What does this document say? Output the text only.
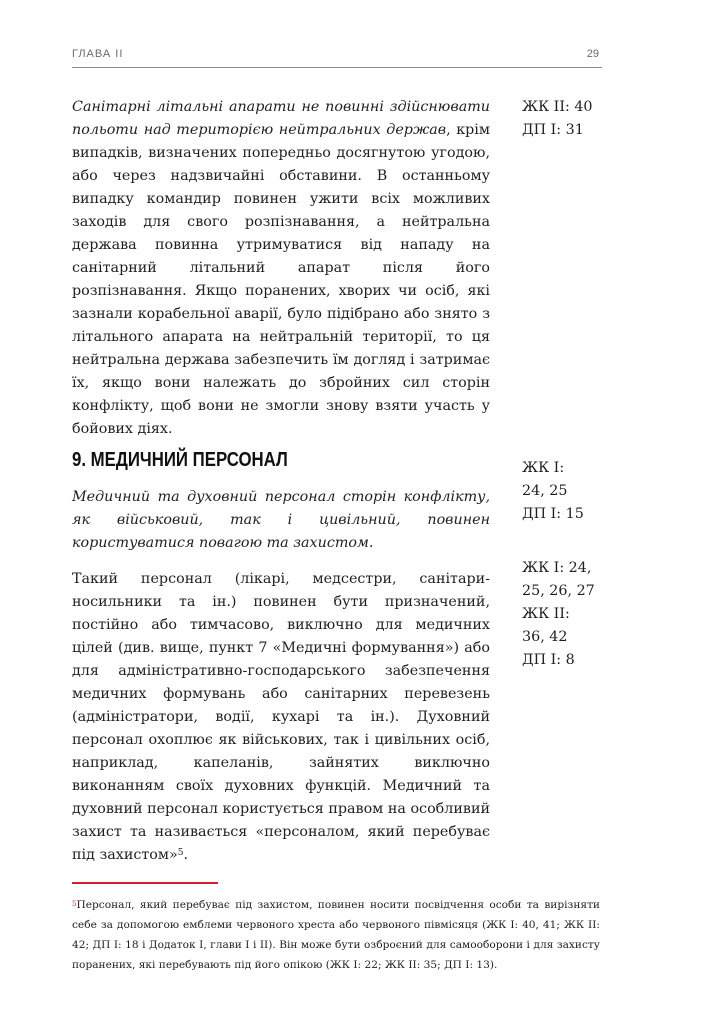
ГЛАВА II	29

Санітарні літальні апарати не повинні здійснювати польоти над територією нейтральних держав, крім випадків, визначених попередньо досягнутою угодою, або через надзвичайні обставини. В останньому випадку командир повинен ужити всіх можливих заходів для свого розпізнавання, а нейтральна держава повинна утримуватися від нападу на санітарний літальний апарат після його розпізнавання. Якщо поранених, хворих чи осіб, які зазнали корабельної аварії, було підібрано або знято з літального апарата на нейтральній території, то ця нейтральна держава забезпечить їм догляд і затримає їх, якщо вони належать до збройних сил сторін конфлікту, щоб вони не змогли знову взяти участь у бойових діях.

ЖК II: 40
ДП I: 31
9. МЕДИЧНИЙ ПЕРСОНАЛ	ЖК I:
24, 25
ДП I: 15

Медичний та духовний персонал сторін конфлікту, як військовий, так і цивільний, повинен користуватися повагою та захистом.

ЖК I: 24,
25, 26, 27
ЖК II:
36, 42
ДП I: 8

Такий персонал (лікарі, медсестри, санітари-носильники та ін.) повинен бути призначений, постійно або тимчасово, виключно для медичних цілей (див. вище, пункт 7 «Медичні формування») або для адміністративно-господарського забезпечення медичних формувань або санітарних перевезень (адміністратори, водії, кухарі та ін.). Духовний персонал охоплює як військових, так і цивільних осіб, наприклад, капеланів, зайнятих виключно виконанням своїх духовних функцій. Медичний та духовний персонал користується правом на особливий захист та називається «персоналом, який перебуває під захистом»$^5$.

$^5$Персонал, який перебуває під захистом, повинен носити посвідчення особи та вирізняти себе за допомогою емблеми червоного хреста або червоного півмісяця (ЖК I: 40, 41; ЖК II: 42; ДП I: 18 і Додаток I, глави I і II). Він може бути озброєний для самооборони і для захисту поранених, які перебувають під його опікою (ЖК I: 22; ЖК II: 35; ДП I: 13).
